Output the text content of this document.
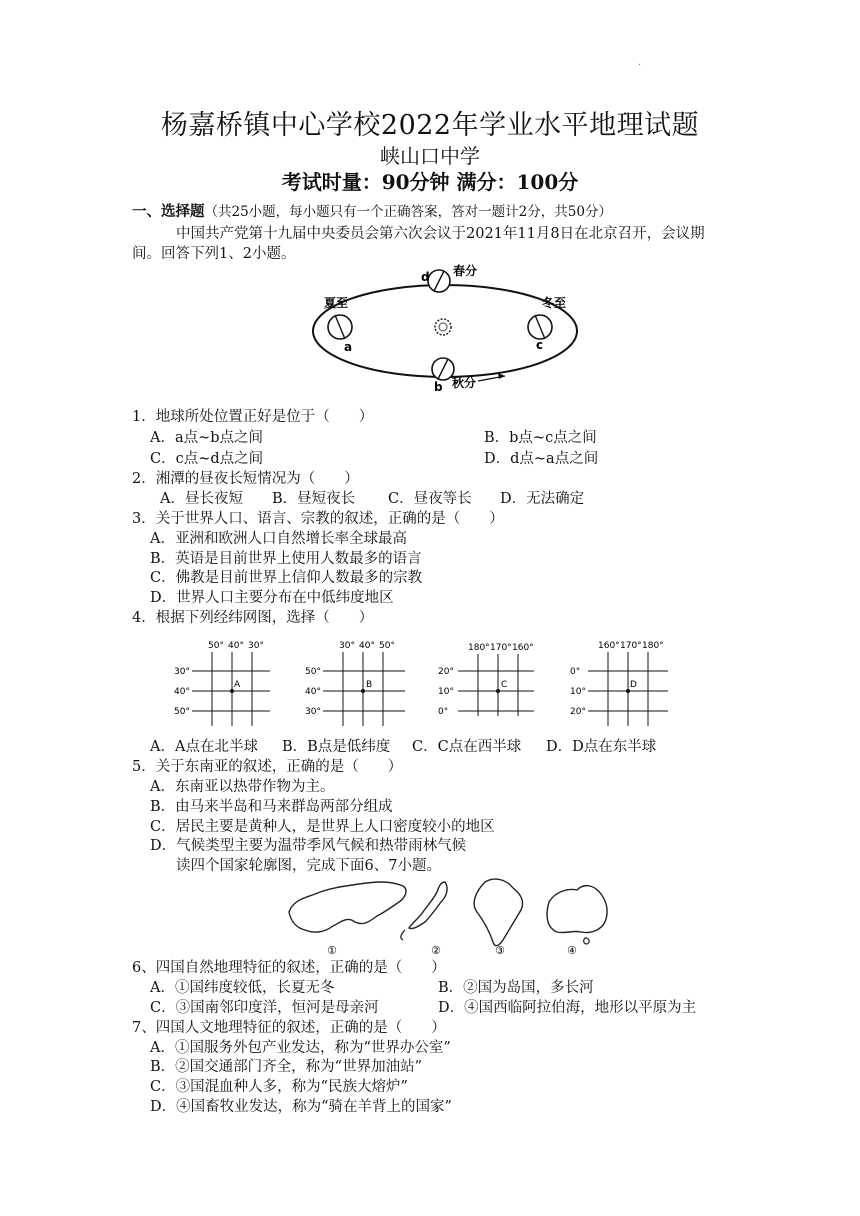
·
杨嘉桥镇中心学校2022年学业水平地理试题
峡山口中学
考试时量：90分钟 满分：100分
一、选择题（共25小题，每小题只有一个正确答案，答对一题计2分，共50分）
中国共产党第十九届中央委员会第六次会议于2021年11月8日在北京召开，会议期
间。回答下列1、2小题。
春分
d
夏至
a
冬至
c
秋分
b
1．地球所处位置正好是位于（　　）
A．a点~b点之间	B．b点~c点之间
C．c点~d点之间	D．d点~a点之间
2．湘潭的昼夜长短情况为（　　）
A．昼长夜短 B．昼短夜长 C．昼夜等长 D．无法确定
3．关于世界人口、语言、宗教的叙述，正确的是（　　）
A．亚洲和欧洲人口自然增长率全球最高
B．英语是目前世界上使用人数最多的语言
C．佛教是目前世界上信仰人数最多的宗教
D．世界人口主要分布在中低纬度地区
4．根据下列经纬网图，选择（　　）
50° 40° 30°
30°
40°
50°
A
30° 40° 50°
50°
40°
30°
B
180° 170° 160°
20°
10°
0°
C
160° 170° 180°
0°
10°
20°
D
A．A点在北半球 B．B点是低纬度 C．C点在西半球 D．D点在东半球
5．关于东南亚的叙述，正确的是（　　）
A．东南亚以热带作物为主。
B．由马来半岛和马来群岛两部分组成
C．居民主要是黄种人，是世界上人口密度较小的地区
D．气候类型主要为温带季风气候和热带雨林气候
读四个国家轮廓图，完成下面6、7小题。
①	②	③	④
6、四国自然地理特征的叙述，正确的是（　　）
A．①国纬度较低，长夏无冬	B．②国为岛国，多长河
C．③国南邻印度洋，恒河是母亲河	D．④国西临阿拉伯海，地形以平原为主
7、四国人文地理特征的叙述，正确的是（　　）
A．①国服务外包产业发达，称为“世界办公室”
B．②国交通部门齐全，称为“世界加油站”
C．③国混血种人多，称为“民族大熔炉”
D．④国畜牧业发达，称为“骑在羊背上的国家”
